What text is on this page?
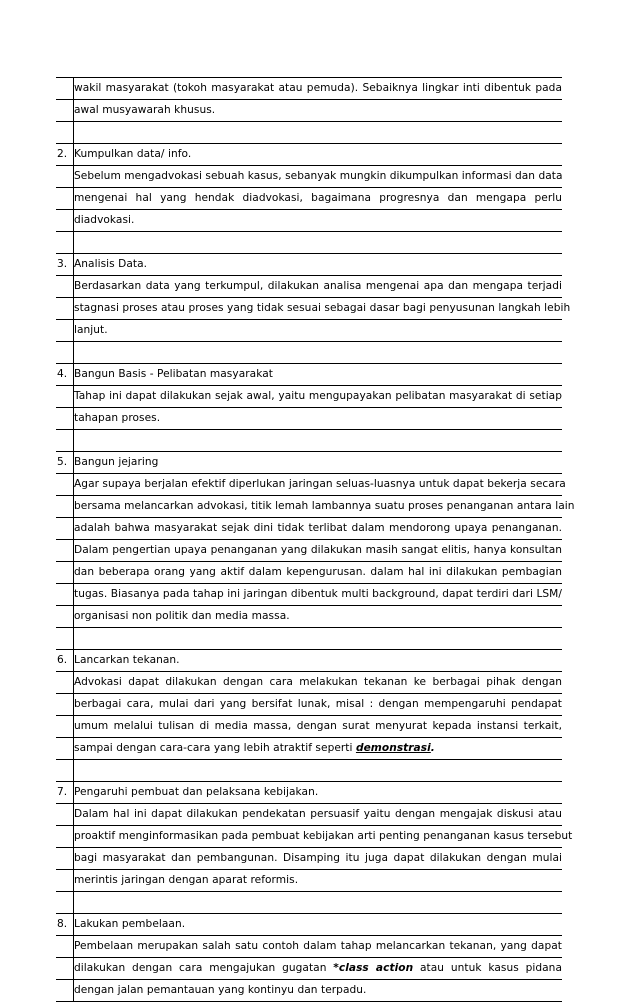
wakil masyarakat (tokoh masyarakat atau pemuda). Sebaiknya lingkar inti dibentuk pada
awal musyawarah khusus.
2. Kumpulkan data/ info.
Sebelum mengadvokasi sebuah kasus, sebanyak mungkin dikumpulkan informasi dan data
mengenai hal yang hendak diadvokasi, bagaimana progresnya dan mengapa perlu
diadvokasi.
3. Analisis Data.
Berdasarkan data yang terkumpul, dilakukan analisa mengenai apa dan mengapa terjadi
stagnasi proses atau proses yang tidak sesuai sebagai dasar bagi penyusunan langkah lebih
lanjut.
4. Bangun Basis - Pelibatan masyarakat
Tahap ini dapat dilakukan sejak awal, yaitu mengupayakan pelibatan masyarakat di setiap
tahapan proses.
5. Bangun jejaring
Agar supaya berjalan efektif diperlukan jaringan seluas-luasnya untuk dapat bekerja secara
bersama melancarkan advokasi, titik lemah lambannya suatu proses penanganan antara lain
adalah bahwa masyarakat sejak dini tidak terlibat dalam mendorong upaya penanganan.
Dalam pengertian upaya penanganan yang dilakukan masih sangat elitis, hanya konsultan
dan beberapa orang yang aktif dalam kepengurusan. dalam hal ini dilakukan pembagian
tugas. Biasanya pada tahap ini jaringan dibentuk multi background, dapat terdiri dari LSM/
organisasi non politik dan media massa.
6. Lancarkan tekanan.
Advokasi dapat dilakukan dengan cara melakukan tekanan ke berbagai pihak dengan
berbagai cara, mulai dari yang bersifat lunak, misal : dengan mempengaruhi pendapat
umum melalui tulisan di media massa, dengan surat menyurat kepada instansi terkait,
sampai dengan cara-cara yang lebih atraktif seperti demonstrasi.
7. Pengaruhi pembuat dan pelaksana kebijakan.
Dalam hal ini dapat dilakukan pendekatan persuasif yaitu dengan mengajak diskusi atau
proaktif menginformasikan pada pembuat kebijakan arti penting penanganan kasus tersebut
bagi masyarakat dan pembangunan. Disamping itu juga dapat dilakukan dengan mulai
merintis jaringan dengan aparat reformis.
8. Lakukan pembelaan.
Pembelaan merupakan salah satu contoh dalam tahap melancarkan tekanan, yang dapat
dilakukan dengan cara mengajukan gugatan *class action atau untuk kasus pidana
dengan jalan pemantauan yang kontinyu dan terpadu.
